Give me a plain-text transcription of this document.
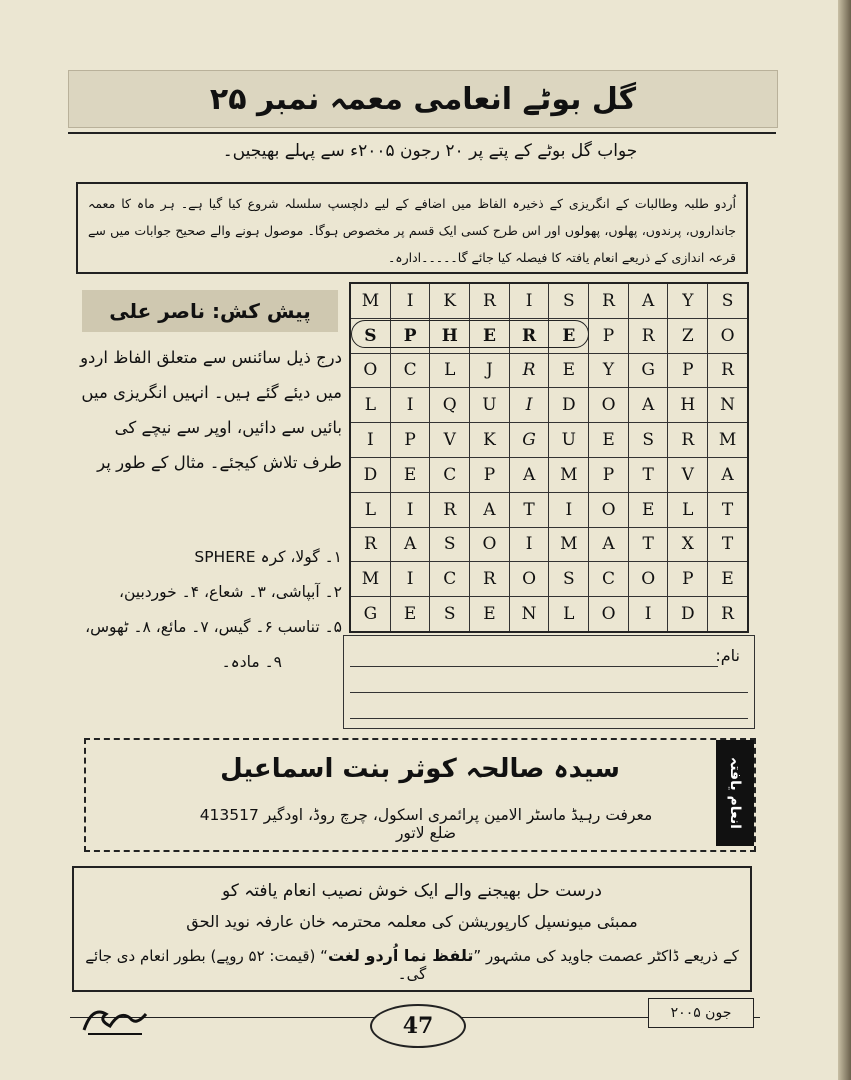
گل بوٹے انعامی معمہ نمبر ۲۵
جواب گل بوٹے کے پتے پر ۲۰ رجون ۲۰۰۵ء سے پہلے بھیجیں۔
اُردو طلبہ وطالبات کے انگریزی کے ذخیرہ الفاظ میں اضافے کے لیے دلچسپ سلسلہ شروع کیا گیا ہے۔ ہر ماہ کا معمہ جانداروں، پرندوں، پھلوں، پھولوں اور اس طرح کسی ایک قسم پر مخصوص ہوگا۔ موصول ہونے والے صحیح جوابات میں سے قرعہ اندازی کے ذریعے انعام یافتہ کا فیصلہ کیا جائے گا۔۔۔۔۔ادارہ۔
پیش کش: ناصر علی
درج ذیل سائنس سے متعلق الفاظ اردو
میں دیئے گئے ہیں۔ انہیں انگریزی میں
بائیں سے دائیں، اوپر سے نیچے کی
طرف تلاش کیجئے۔ مثال کے طور پر
۱۔ گولا، کرہ SPHERE
۲۔ آبپاشی، ۳۔ شعاع، ۴۔ خوردبین،
۵۔ تناسب ۶۔ گیس، ۷۔ مائع، ۸۔ ٹھوس،
۹۔ مادہ۔
M	I	K	R	I	S	R	A	Y	S
S	P	H	E	R	E	P	R	Z	O
O	C	L	J	R	E	Y	G	P	R
L	I	Q	U	I	D	O	A	H	N
I	P	V	K	G	U	E	S	R	M
D	E	C	P	A	M	P	T	V	A
L	I	R	A	T	I	O	E	L	T
R	A	S	O	I	M	A	T	X	T
M	I	C	R	O	S	C	O	P	E
G	E	S	E	N	L	O	I	D	R
نام:
سیدہ صالحہ کوثر بنت اسماعیل
معرفت رہیڈ ماسٹر الامین پرائمری اسکول، چرچ روڈ، اودگیر 413517 ضلع لاتور
انعام یافتہ
درست حل بھیجنے والے ایک خوش نصیب انعام یافتہ کو
ممبئی میونسپل کارپوریشن کی معلمہ محترمہ خان عارفہ نوید الحق
کے ذریعے ڈاکٹر عصمت جاوید کی مشہور ”تلفظ نما اُردو لغت“ (قیمت: ۵۲ روپے) بطور انعام دی جائے گی۔
47	جون ۲۰۰۵
